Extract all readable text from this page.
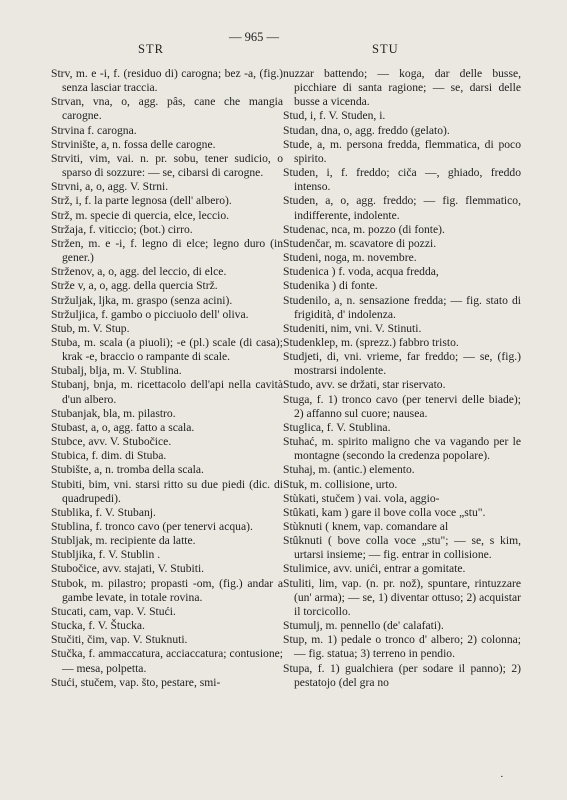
STR
— 965 —
STU

Strv, m. e -i, f. (residuo di) carogna; bez -a, (fig.) senza lasciar traccia.

Strvan, vna, o, agg. pâs, cane che mangia carogne.

Strvina f. carogna.

Strvinište, a, n. fossa delle carogne.

Strviti, vim, vai. n. pr. sobu, tener sudicio, o sparso di sozzure: — se, cibarsi di carogne.

Strvni, a, o, agg. V. Strni.

Strž, i, f. la parte legnosa (dell' albero).

Strž, m. specie di quercia, elce, leccio.

Stržaja, f. viticcio; (bot.) cirro.

Stržen, m. e -i, f. legno di elce; legno duro (in gener.)

Strženov, a, o, agg. del leccio, di elce.

Strže v, a, o, agg. della quercia Strž.

Stržuljak, ljka, m. graspo (senza acini).

Stržuljica, f. gambo o picciuolo dell' oliva.

Stub, m. V. Stup.

Stuba, m. scala (a piuoli); -e (pl.) scale (di casa); krak -e, braccio o rampante di scale.

Stubalj, blja, m. V. Stublina.

Stubanj, bnja, m. ricettacolo dell'api nella cavità d'un albero.

Stubanjak, bla, m. pilastro.

Stubast, a, o, agg. fatto a scala.

Stubce, avv. V. Stubočice.

Stubica, f. dim. di Stuba.

Stubište, a, n. tromba della scala.

Stubiti, bim, vni. starsi ritto su due piedi (dic. di quadrupedi).

Stublika, f. V. Stubanj.

Stublina, f. tronco cavo (per tenervi acqua).

Stubljak, m. recipiente da latte.

Stubljika, f. V. Stublin .

Stubočice, avv. stajati, V. Stubiti.

Stubok, m. pilastro; propasti -om, (fig.) andar a gambe levate, in totale rovina.

Stucati, cam, vap. V. Stući.

Stucka, f. V. Štucka.

Stučiti, čim, vap. V. Stuknuti.

Stučka, f. ammaccatura, acciaccatura; contusione; — mesa, polpetta.

Stući, stučem, vap. što, pestare, smi-

nuzzar battendo; — koga, dar delle busse, picchiare di santa ragione; — se, darsi delle busse a vicenda.

Stud, i, f. V. Studen, i.

Studan, dna, o, agg. freddo (gelato).

Stude, a, m. persona fredda, flemmatica, di poco spirito.

Studen, i, f. freddo; ciča —, ghiado, freddo intenso.

Studen, a, o, agg. freddo; — fig. flemmatico, indifferente, indolente.

Studenac, nca, m. pozzo (di fonte).

Studenčar, m. scavatore di pozzi.

Studeni, noga, m. novembre.

Studenica ) f. voda, acqua fredda,

Studenika ) di fonte.

Studenilo, a, n. sensazione fredda; — fig. stato di frigidità, d' indolenza.

Studeniti, nim, vni. V. Stinuti.

Studenklep, m. (sprezz.) fabbro tristo.

Studjeti, di, vni. vrieme, far freddo; — se, (fig.) mostrarsi indolente.

Studo, avv. se držati, star riservato.

Stuga, f. 1) tronco cavo (per tenervi delle biade); 2) affanno sul cuore; nausea.

Stuglica, f. V. Stublina.

Stuhać, m. spirito maligno che va vagando per le montagne (secondo la credenza popolare).

Stuhaj, m. (antic.) elemento.

Stuk, m. collisione, urto.

Stùkati, stučem ) vai. vola, aggio-

Stûkati, kam ) gare il bove colla voce „stu".

Stùknuti ( knem, vap. comandare al

Stûknuti ( bove colla voce „stu"; — se, s kim, urtarsi insieme; — fig. entrar in collisione.

Stulimice, avv. unići, entrar a gomitate.

Stuliti, lim, vap. (n. pr. nož), spuntare, rintuzzare (un' arma); — se, 1) diventar ottuso; 2) acquistar il torcicollo.

Stumulj, m. pennello (de' calafati).

Stup, m. 1) pedale o tronco d' albero; 2) colonna; — fig. statua; 3) terreno in pendio.

Stupa, f. 1) gualchiera (per sodare il panno); 2) pestatojo (del gra no

·
